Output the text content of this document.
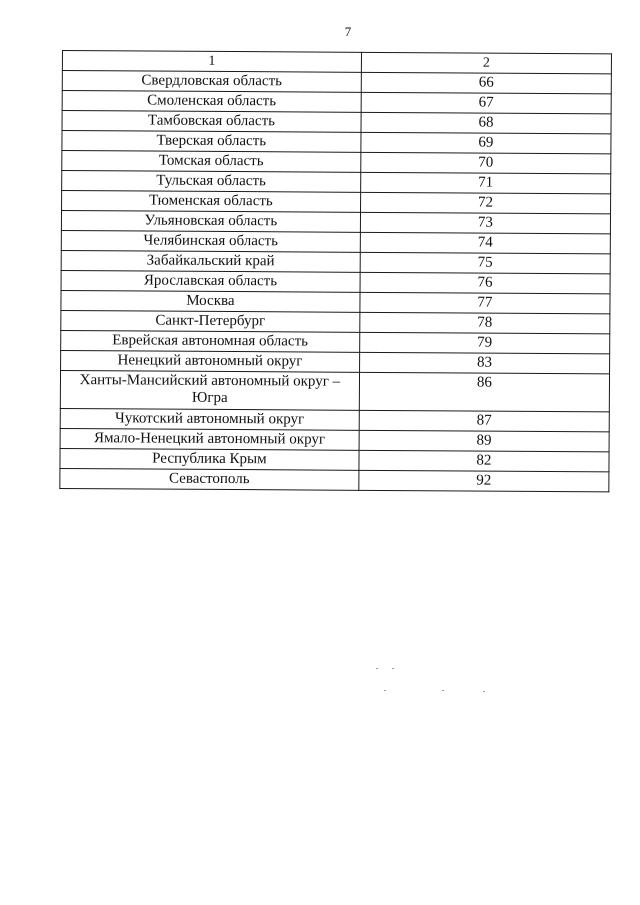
7
1	2
Свердловская область	66
Смоленская область	67
Тамбовская область	68
Тверская область	69
Томская область	70
Тульская область	71
Тюменская область	72
Ульяновская область	73
Челябинская область	74
Забайкальский край	75
Ярославская область	76
Москва	77
Санкт-Петербург	78
Еврейская автономная область	79
Ненецкий автономный округ	83

Ханты-Мансийский автономный округ –
Югра	86
Чукотский автономный округ	87
Ямало-Ненецкий автономный округ	89
Республика Крым	82
Севастополь	92
